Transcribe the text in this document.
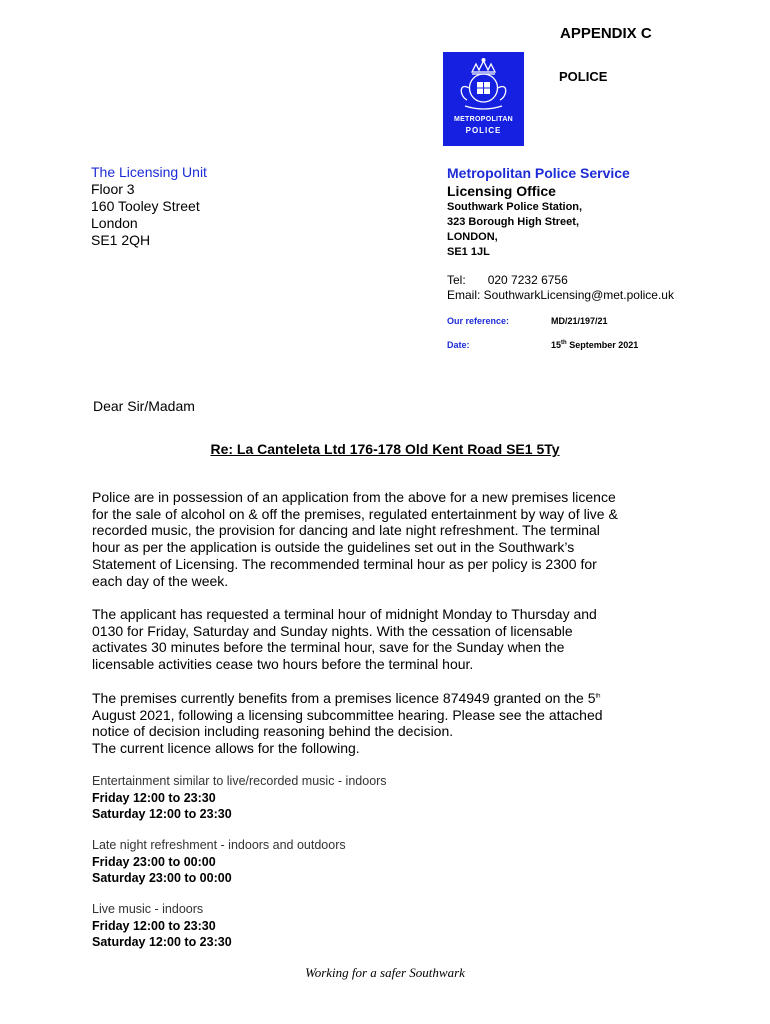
APPENDIX C
POLICE
METROPOLITAN
POLICE
The Licensing Unit
Floor 3
160 Tooley Street
London
SE1 2QH
Metropolitan Police Service
Licensing Office
Southwark Police Station,
323 Borough High Street,
LONDON,
SE1 1JL
Tel: 020 7232 6756
Email: SouthwarkLicensing@met.police.uk
Our reference:	MD/21/197/21
Date:	15th September 2021
Dear Sir/Madam
Re: La Canteleta Ltd 176-178 Old Kent Road SE1 5Ty
Police are in possession of an application from the above for a new premises licence
for the sale of alcohol on & off the premises, regulated entertainment by way of live &
recorded music, the provision for dancing and late night refreshment. The terminal
hour as per the application is outside the guidelines set out in the Southwark’s
Statement of Licensing. The recommended terminal hour as per policy is 2300 for
each day of the week.
The applicant has requested a terminal hour of midnight Monday to Thursday and
0130 for Friday, Saturday and Sunday nights. With the cessation of licensable
activates 30 minutes before the terminal hour, save for the Sunday when the
licensable activities cease two hours before the terminal hour.
The premises currently benefits from a premises licence 874949 granted on the 5th
August 2021, following a licensing subcommittee hearing. Please see the attached
notice of decision including reasoning behind the decision.
The current licence allows for the following.
Entertainment similar to live/recorded music - indoors
Friday 12:00 to 23:30
Saturday 12:00 to 23:30
Late night refreshment - indoors and outdoors
Friday 23:00 to 00:00
Saturday 23:00 to 00:00
Live music - indoors
Friday 12:00 to 23:30
Saturday 12:00 to 23:30
Working for a safer Southwark
